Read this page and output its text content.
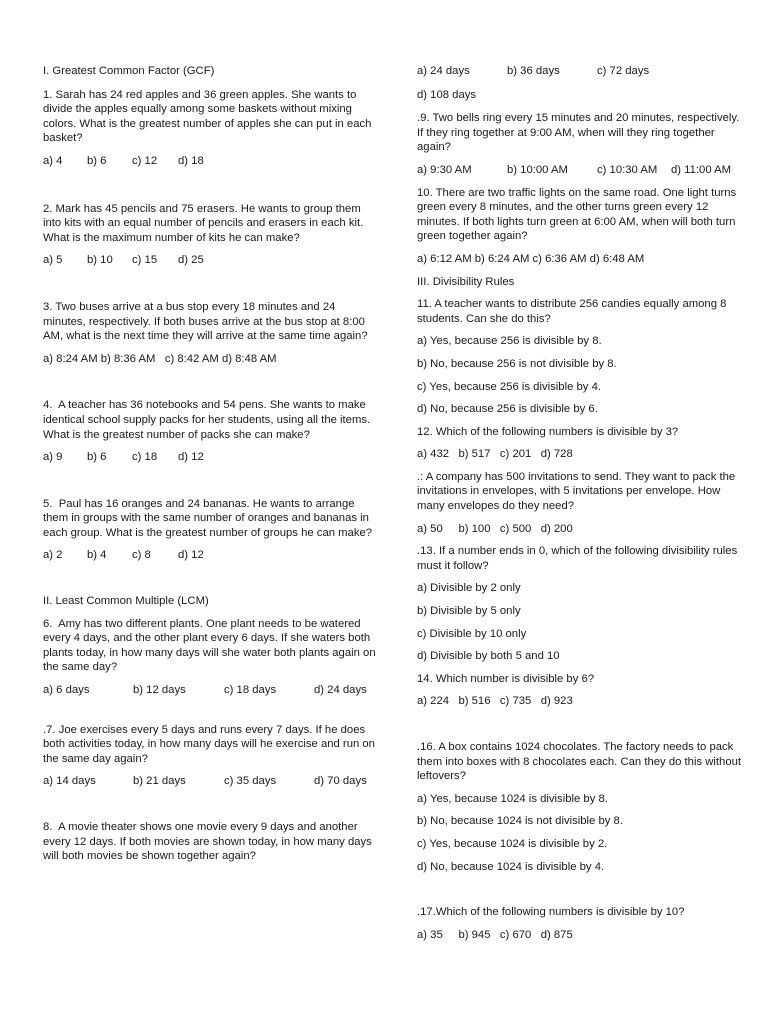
I. Greatest Common Factor (GCF)

1. Sarah has 24 red apples and 36 green apples. She wants to divide the apples equally among some baskets without mixing colors. What is the greatest number of apples she can put in each basket?

a) 4	b) 6	c) 12	d) 18

2. Mark has 45 pencils and 75 erasers. He wants to group them into kits with an equal number of pencils and erasers in each kit. What is the maximum number of kits he can make?

a) 5	b) 10	c) 15	d) 25

3. Two buses arrive at a bus stop every 18 minutes and 24 minutes, respectively. If both buses arrive at the bus stop at 8:00 AM, what is the next time they will arrive at the same time again?

a) 8:24 AM b) 8:36 AM   c) 8:42 AM d) 8:48 AM

4.  A teacher has 36 notebooks and 54 pens. She wants to make identical school supply packs for her students, using all the items. What is the greatest number of packs she can make?

a) 9	b) 6	c) 18	d) 12

5.  Paul has 16 oranges and 24 bananas. He wants to arrange them in groups with the same number of oranges and bananas in each group. What is the greatest number of groups he can make?

a) 2	b) 4	c) 8	d) 12

II. Least Common Multiple (LCM)

6.  Amy has two different plants. One plant needs to be watered every 4 days, and the other plant every 6 days. If she waters both plants today, in how many days will she water both plants again on the same day?

a) 6 days	b) 12 days	c) 18 days	d) 24 days

.7. Joe exercises every 5 days and runs every 7 days. If he does both activities today, in how many days will he exercise and run on the same day again?

a) 14 days	b) 21 days	c) 35 days	d) 70 days

8.  A movie theater shows one movie every 9 days and another every 12 days. If both movies are shown today, in how many days will both movies be shown together again?

a) 24 days	b) 36 days	c) 72 days

d) 108 days

.9. Two bells ring every 15 minutes and 20 minutes, respectively. If they ring together at 9:00 AM, when will they ring together again?

a) 9:30 AM	b) 10:00 AM	c) 10:30 AM	d) 11:00 AM

10. There are two traffic lights on the same road. One light turns green every 8 minutes, and the other turns green every 12 minutes. If both lights turn green at 6:00 AM, when will both turn green together again?

a) 6:12 AM b) 6:24 AM c) 6:36 AM d) 6:48 AM

III. Divisibility Rules

11. A teacher wants to distribute 256 candies equally among 8 students. Can she do this?

a) Yes, because 256 is divisible by 8.

b) No, because 256 is not divisible by 8.

c) Yes, because 256 is divisible by 4.

d) No, because 256 is divisible by 6.

12. Which of the following numbers is divisible by 3?

a) 432   b) 517   c) 201   d) 728

.: A company has 500 invitations to send. They want to pack the invitations in envelopes, with 5 invitations per envelope. How many envelopes do they need?

a) 50     b) 100   c) 500   d) 200

.13. If a number ends in 0, which of the following divisibility rules must it follow?

a) Divisible by 2 only

b) Divisible by 5 only

c) Divisible by 10 only

d) Divisible by both 5 and 10

14. Which number is divisible by 6?

a) 224   b) 516   c) 735   d) 923

.16. A box contains 1024 chocolates. The factory needs to pack them into boxes with 8 chocolates each. Can they do this without leftovers?

a) Yes, because 1024 is divisible by 8.

b) No, because 1024 is not divisible by 8.

c) Yes, because 1024 is divisible by 2.

d) No, because 1024 is divisible by 4.

.17.Which of the following numbers is divisible by 10?

a) 35     b) 945   c) 670   d) 875
